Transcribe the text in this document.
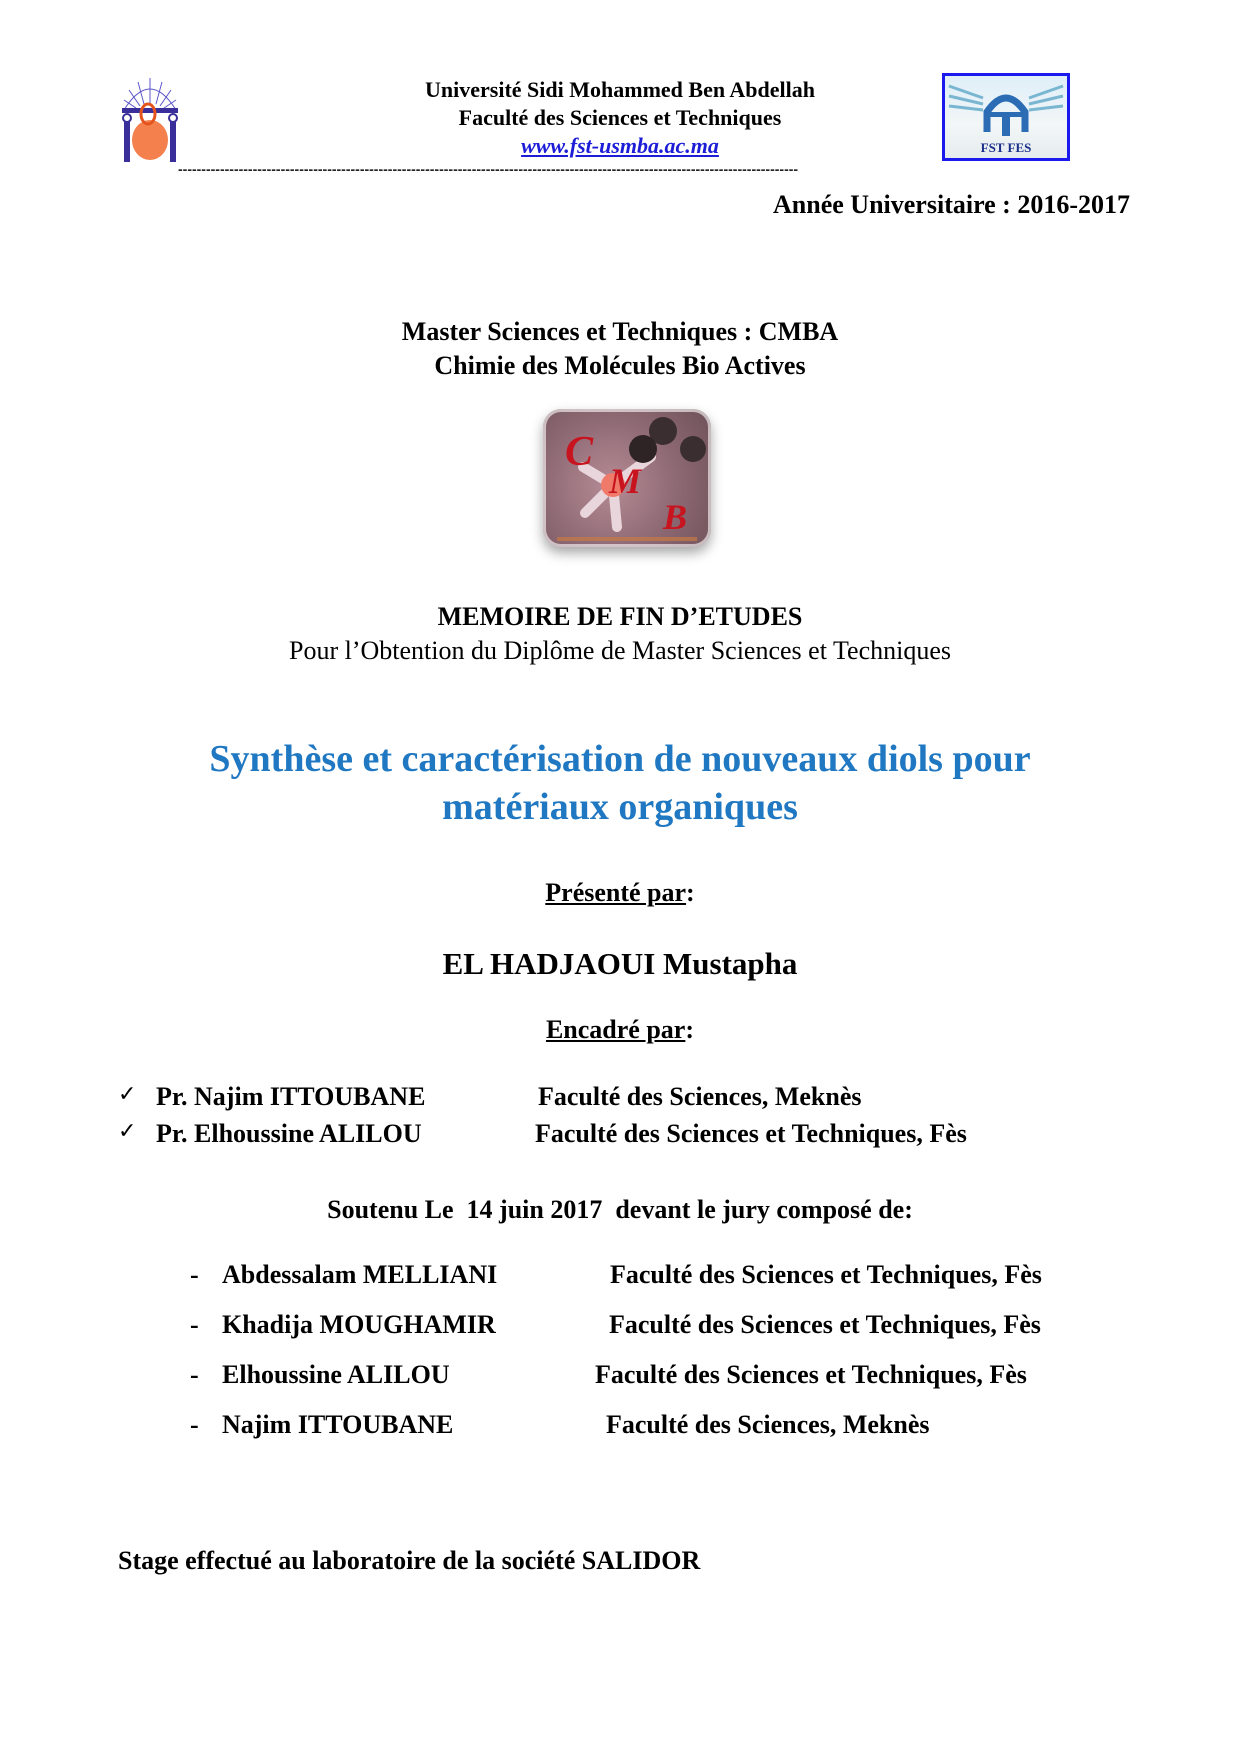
Université Sidi Mohammed Ben Abdellah
Faculté des Sciences et Techniques
www.fst-usmba.ac.ma	FST FES
-------------------------------------------------------------------------------------------------------------------------------------
Année Universitaire : 2016-2017
Master Sciences et Techniques : CMBA
Chimie des Molécules Bio Actives
C
M
B
MEMOIRE DE FIN D’ETUDES
Pour l’Obtention du Diplôme de Master Sciences et Techniques
Synthèse et caractérisation de nouveaux diols pour
matériaux organiques
Présenté par:
EL HADJAOUI Mustapha
Encadré par:
✓ Pr. Najim ITTOUBANE	Faculté des Sciences, Meknès
✓ Pr. Elhoussine ALILOU	Faculté des Sciences et Techniques, Fès
Soutenu Le  14 juin 2017  devant le jury composé de:
- Abdessalam MELLIANI	Faculté des Sciences et Techniques, Fès
- Khadija MOUGHAMIR	Faculté des Sciences et Techniques, Fès
- Elhoussine ALILOU	Faculté des Sciences et Techniques, Fès
- Najim ITTOUBANE	Faculté des Sciences, Meknès
Stage effectué au laboratoire de la société SALIDOR
